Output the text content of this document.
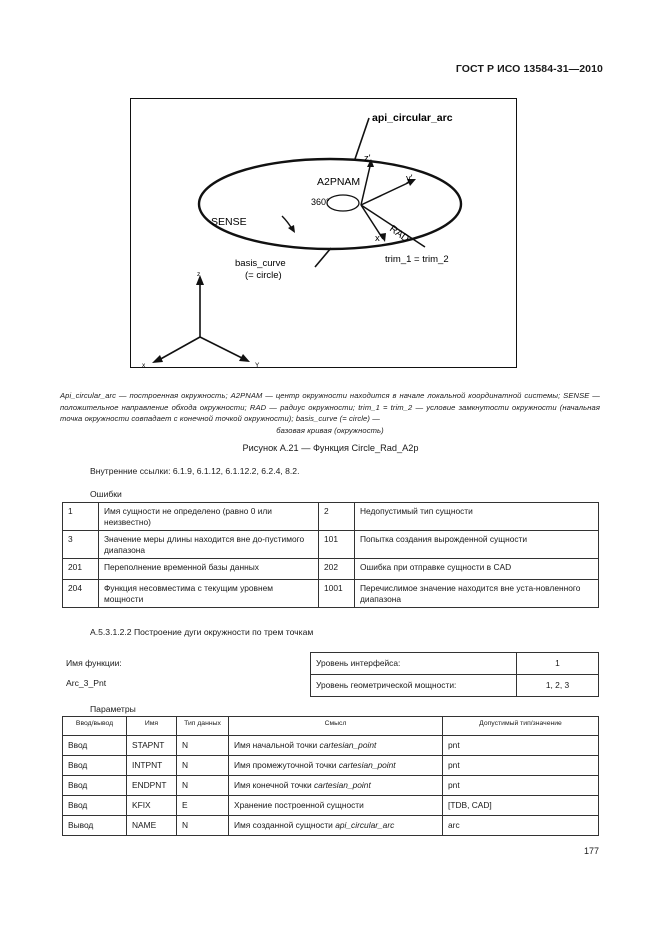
ГОСТ Р ИСО 13584-31—2010
api_circular_arc
z'
y'
x' RAD
A2PNAM
360°
SENSE
basis_curve
(= circle)
trim_1 = trim_2
z
x	Y
Api_circular_arc — построенная окружность; A2PNAM — центр окружности находится в начале локальной координатной системы; SENSE — положительное направление обхода окружности; RAD — радиус окружности; trim_1 = trim_2 — условие замкнутости окружности (начальная точка окружности совпадает с конечной точкой окружности); basis_curve (= circle) —
базовая кривая (окружность)
Рисунок А.21 — Функция Circle_Rad_A2p
Внутренние ссылки: 6.1.9, 6.1.12, 6.1.12.2, 6.2.4, 8.2.
Ошибки
1	Имя сущности не определено (равно 0 или неизвестно)	2	Недопустимый тип сущности
3	Значение меры длины находится вне до-пустимого диапазона	101	Попытка создания вырожденной сущности
201	Переполнение временной базы данных	202	Ошибка при отправке сущности в CAD
204	Функция несовместима с текущим уровнем мощности	1001	Перечислимое значение находится вне уста-новленного диапазона
А.5.3.1.2.2 Построение дуги окружности по трем точкам
Имя функции:
Arc_3_Pnt
Уровень интерфейса:	1
Уровень геометрической мощности:	1, 2, 3
Параметры
Ввод/вывод	Имя	Тип данных	Смысл	Допустимый тип/значение
Ввод	STAPNT	N	Имя начальной точки cartesian_point	pnt
Ввод	INTPNT	N	Имя промежуточной точки cartesian_point	pnt
Ввод	ENDPNT	N	Имя конечной точки cartesian_point	pnt
Ввод	KFIX	E	Хранение построенной сущности	[TDB, CAD]
Вывод	NAME	N	Имя созданной сущности api_circular_arc	arc
177
